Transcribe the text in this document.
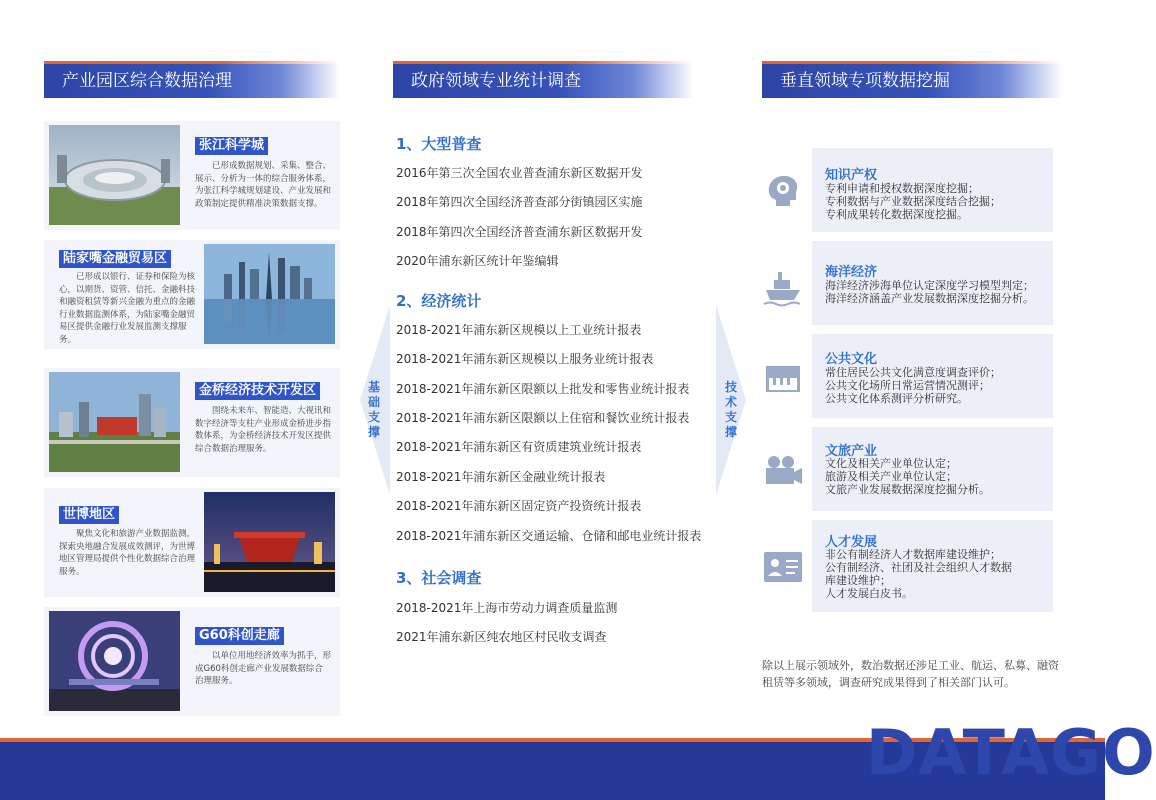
产业园区综合数据治理	政府领域专业统计调查	垂直领域专项数据挖掘
张江科学城
已形成数据规划、采集、整合、展示、分析为一体的综合服务体系，为张江科学城规划建设、产业发展和政策制定提供精准决策数据支撑。
陆家嘴金融贸易区
已形成以银行、证券和保险为核心，以期货、资管、信托、金融科技和融资租赁等新兴金融为重点的金融行业数据监测体系，为陆家嘴金融贸易区提供金融行业发展监测支撑服务。
金桥经济技术开发区
围绕未来车、智能造、大视讯和数字经济等支柱产业形成金桥进步指数体系，为金桥经济技术开发区提供综合数据治理服务。
世博地区
聚焦文化和旅游产业数据监测，探索央地融合发展成效测评，为世博地区管理局提供个性化数据综合治理服务。
G60科创走廊
以单位用地经济效率为抓手，形成G60科创走廊产业发展数据综合治理服务。
基础支撑
技术支撑
1、大型普查
2016年第三次全国农业普查浦东新区数据开发
2018年第四次全国经济普查部分街镇园区实施
2018年第四次全国经济普查浦东新区数据开发
2020年浦东新区统计年鉴编辑
2、经济统计
2018-2021年浦东新区规模以上工业统计报表
2018-2021年浦东新区规模以上服务业统计报表
2018-2021年浦东新区限额以上批发和零售业统计报表
2018-2021年浦东新区限额以上住宿和餐饮业统计报表
2018-2021年浦东新区有资质建筑业统计报表
2018-2021年浦东新区金融业统计报表
2018-2021年浦东新区固定资产投资统计报表
2018-2021年浦东新区交通运输、仓储和邮电业统计报表
3、社会调查
2018-2021年上海市劳动力调查质量监测
2021年浦东新区纯农地区村民收支调查
知识产权
专利申请和授权数据深度挖掘；
专利数据与产业数据深度结合挖掘；
专利成果转化数据深度挖掘。
海洋经济
海洋经济涉海单位认定深度学习模型判定；
海洋经济涵盖产业发展数据深度挖掘分析。
公共文化
常住居民公共文化满意度调查评价；
公共文化场所日常运营情况测评；
公共文化体系测评分析研究。
文旅产业
文化及相关产业单位认定；
旅游及相关产业单位认定；
文旅产业发展数据深度挖掘分析。
人才发展
非公有制经济人才数据库建设维护；
公有制经济、社团及社会组织人才数据
库建设维护；
人才发展白皮书。
除以上展示领域外，数治数据还涉足工业、航运、私募、融资租赁等多领域，调查研究成果得到了相关部门认可。
DATAGO
